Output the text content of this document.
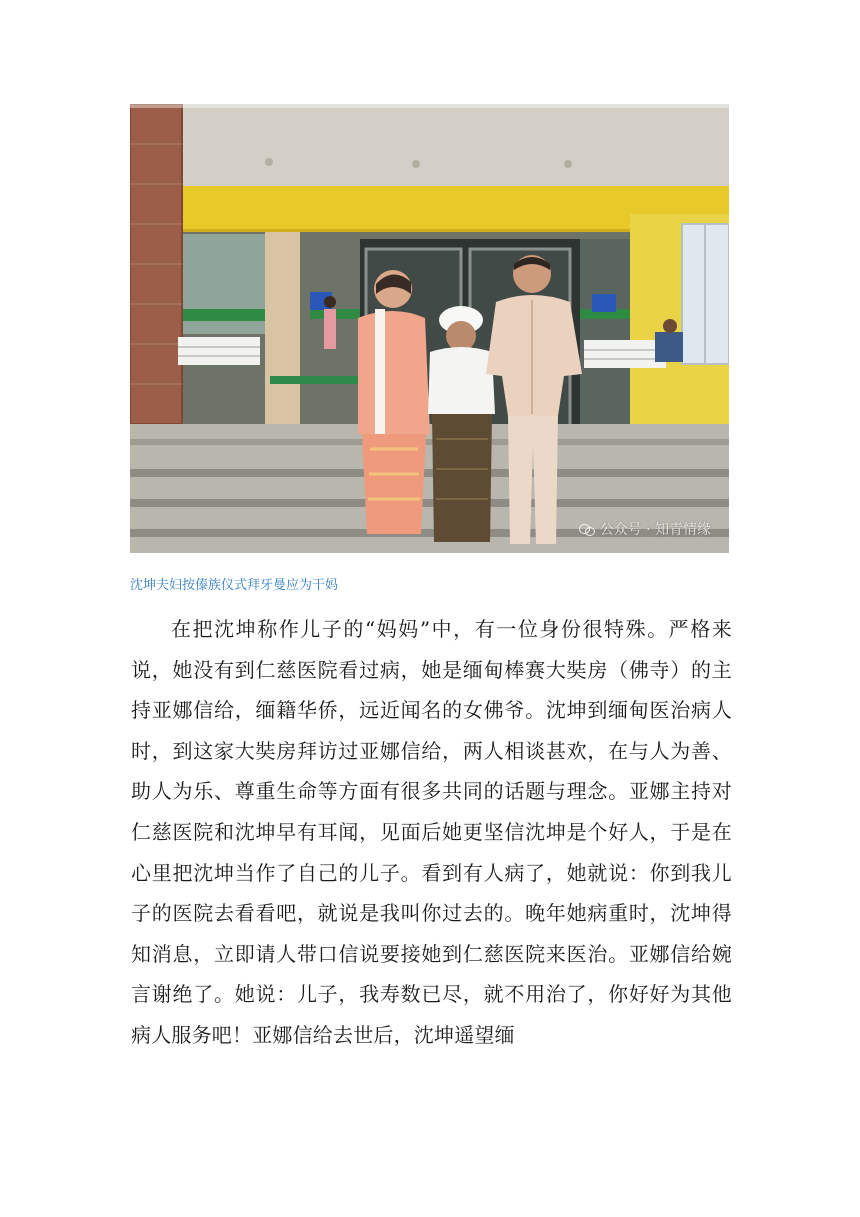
公众号 · 知青情缘

沈坤夫妇按傣族仪式拜牙曼应为干妈

在把沈坤称作儿子的“妈妈”中，有一位身份很特殊。严格来说，她没有到仁慈医院看过病，她是缅甸棒赛大奘房（佛寺）的主持亚娜信给，缅籍华侨，远近闻名的女佛爷。沈坤到缅甸医治病人时，到这家大奘房拜访过亚娜信给，两人相谈甚欢，在与人为善、助人为乐、尊重生命等方面有很多共同的话题与理念。亚娜主持对仁慈医院和沈坤早有耳闻，见面后她更坚信沈坤是个好人，于是在心里把沈坤当作了自己的儿子。看到有人病了，她就说：你到我儿子的医院去看看吧，就说是我叫你过去的。晚年她病重时，沈坤得知消息，立即请人带口信说要接她到仁慈医院来医治。亚娜信给婉言谢绝了。她说：儿子，我寿数已尽，就不用治了，你好好为其他病人服务吧！亚娜信给去世后，沈坤遥望缅
